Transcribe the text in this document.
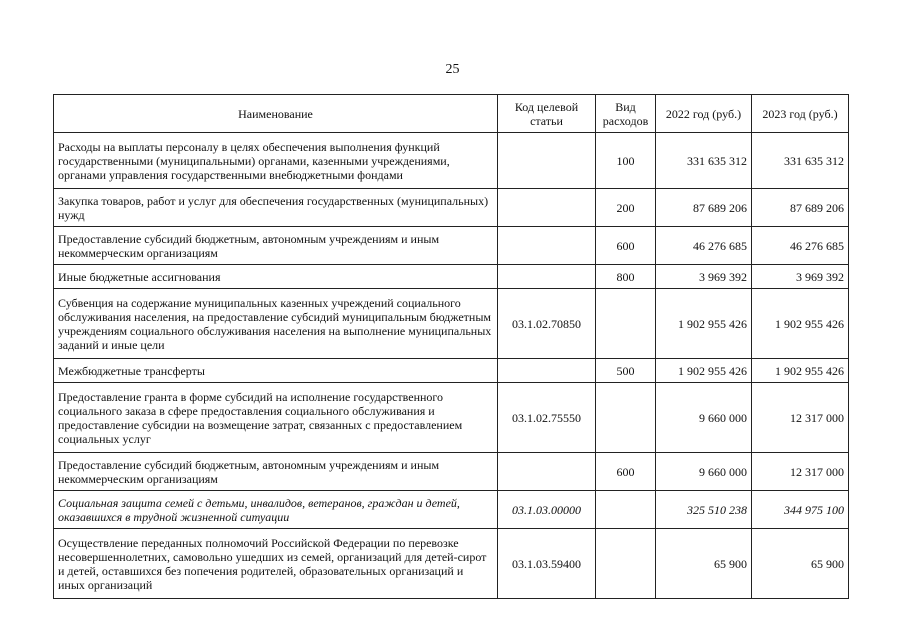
25
Наименование	Код целевой статьи	Вид расходов	2022 год (руб.)	2023 год (руб.)
Расходы на выплаты персоналу в целях обеспечения выполнения функций государственными (муниципальными) органами, казенными учреждениями, органами управления государственными внебюджетными фондами		100	331 635 312	331 635 312
Закупка товаров, работ и услуг для обеспечения государственных (муниципальных) нужд		200	87 689 206	87 689 206
Предоставление субсидий бюджетным, автономным учреждениям и иным некоммерческим организациям		600	46 276 685	46 276 685
Иные бюджетные ассигнования		800	3 969 392	3 969 392
Субвенция на содержание муниципальных казенных учреждений социального обслуживания населения, на предоставление субсидий муниципальным бюджетным учреждениям социального обслуживания населения на выполнение муниципальных заданий и иные цели	03.1.02.70850		1 902 955 426	1 902 955 426
Межбюджетные трансферты		500	1 902 955 426	1 902 955 426
Предоставление гранта в форме субсидий на исполнение государственного социального заказа в сфере предоставления социального обслуживания и предоставление субсидии на возмещение затрат, связанных с предоставлением социальных услуг	03.1.02.75550		9 660 000	12 317 000
Предоставление субсидий бюджетным, автономным учреждениям и иным некоммерческим организациям		600	9 660 000	12 317 000
Социальная защита семей с детьми, инвалидов, ветеранов, граждан и детей, оказавшихся в трудной жизненной ситуации	03.1.03.00000		325 510 238	344 975 100
Осуществление переданных полномочий Российской Федерации по перевозке несовершеннолетних, самовольно ушедших из семей, организаций для детей-сирот и детей, оставшихся без попечения родителей, образовательных организаций и иных организаций	03.1.03.59400		65 900	65 900
